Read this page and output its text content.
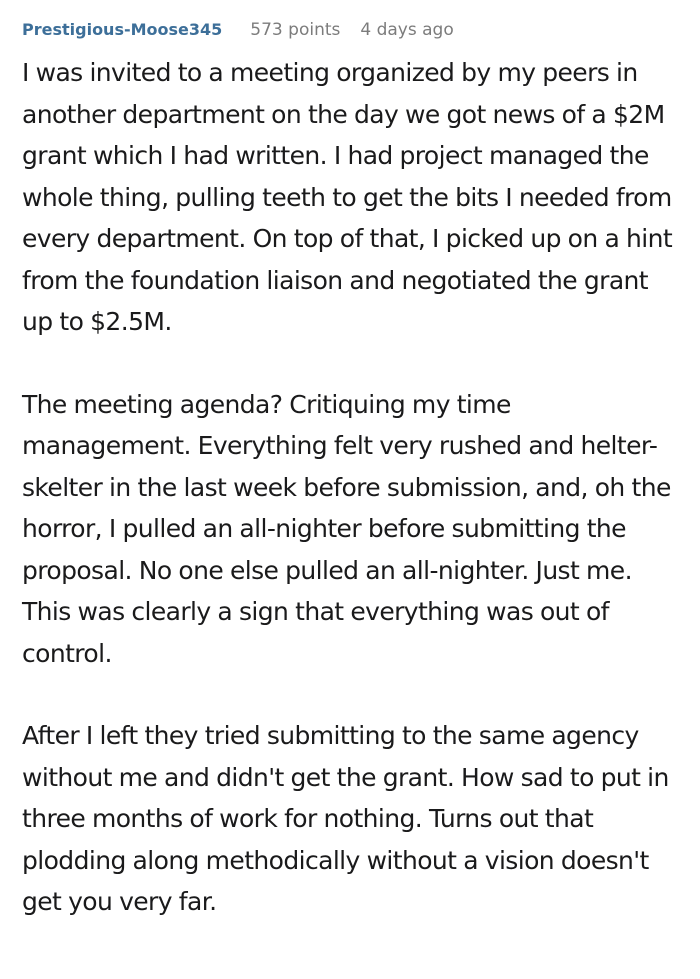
Prestigious-Moose345 573 points 4 days ago

I was invited to a meeting organized by my peers in another department on the day we got news of a $2M grant which I had written. I had project managed the whole thing, pulling teeth to get the bits I needed from every department. On top of that, I picked up on a hint from the foundation liaison and negotiated the grant up to $2.5M.

The meeting agenda? Critiquing my time management. Everything felt very rushed and helter-skelter in the last week before submission, and, oh the horror, I pulled an all-nighter before submitting the proposal. No one else pulled an all-nighter. Just me. This was clearly a sign that everything was out of control.

After I left they tried submitting to the same agency without me and didn't get the grant. How sad to put in three months of work for nothing. Turns out that plodding along methodically without a vision doesn't get you very far.
